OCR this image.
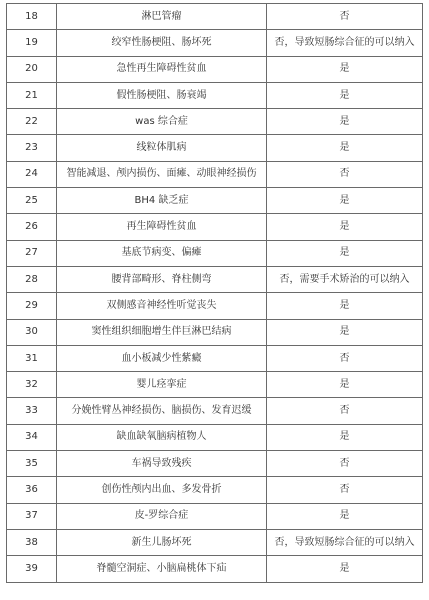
18	淋巴管瘤	否
19	绞窄性肠梗阻、肠坏死	否，导致短肠综合征的可以纳入
20	急性再生障碍性贫血	是
21	假性肠梗阻、肠衰竭	是
22	was 综合症	是
23	线粒体肌病	是
24	智能减退、颅内损伤、面瘫、动眼神经损伤	否
25	BH4 缺乏症	是
26	再生障碍性贫血	是
27	基底节病变、偏瘫	是
28	腰背部畸形、脊柱侧弯	否，需要手术矫治的可以纳入
29	双侧感音神经性听觉丧失	是
30	窦性组织细胞增生伴巨淋巴结病	是
31	血小板减少性紫癜	否
32	婴儿痉挛症	是
33	分娩性臂丛神经损伤、脑损伤、发育迟缓	否
34	缺血缺氧脑病植物人	是
35	车祸导致残疾	否
36	创伤性颅内出血、多发骨折	否
37	皮-罗综合症	是
38	新生儿肠坏死	否，导致短肠综合征的可以纳入
39	脊髓空洞症、小脑扁桃体下疝	是
